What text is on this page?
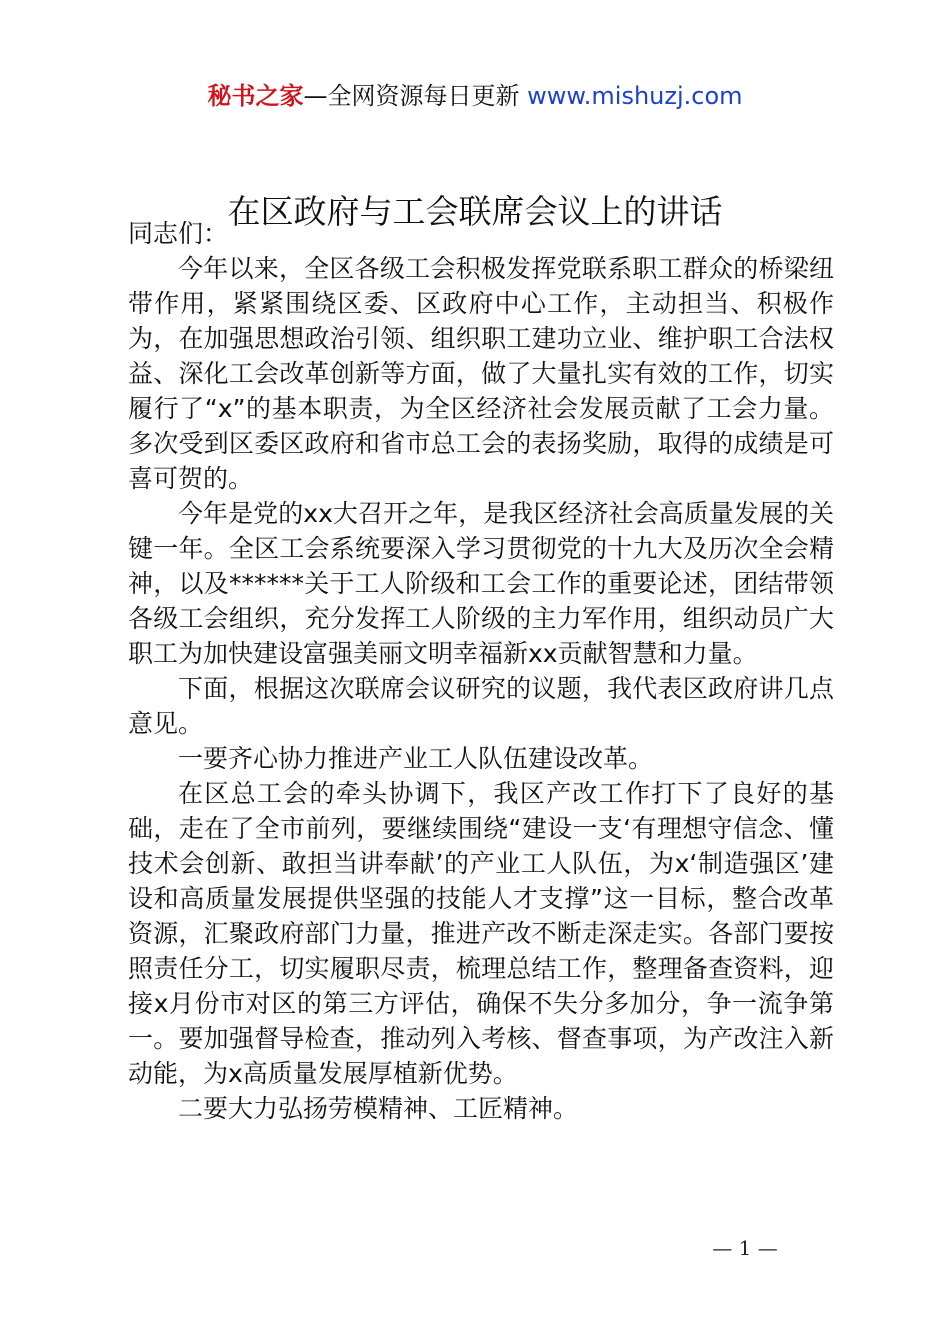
秘书之家—全网资源每日更新 www.mishuzj.com
在区政府与工会联席会议上的讲话

同志们：

今年以来，全区各级工会积极发挥党联系职工群众的桥梁纽带作用，紧紧围绕区委、区政府中心工作，主动担当、积极作为，在加强思想政治引领、组织职工建功立业、维护职工合法权益、深化工会改革创新等方面，做了大量扎实有效的工作，切实履行了“x”的基本职责，为全区经济社会发展贡献了工会力量。多次受到区委区政府和省市总工会的表扬奖励，取得的成绩是可喜可贺的。

今年是党的xx大召开之年，是我区经济社会高质量发展的关键一年。全区工会系统要深入学习贯彻党的十九大及历次全会精神，以及******关于工人阶级和工会工作的重要论述，团结带领各级工会组织，充分发挥工人阶级的主力军作用，组织动员广大职工为加快建设富强美丽文明幸福新xx贡献智慧和力量。

下面，根据这次联席会议研究的议题，我代表区政府讲几点意见。

一要齐心协力推进产业工人队伍建设改革。

在区总工会的牵头协调下，我区产改工作打下了良好的基础，走在了全市前列，要继续围绕“建设一支‘有理想守信念、懂技术会创新、敢担当讲奉献’的产业工人队伍，为x‘制造强区’建设和高质量发展提供坚强的技能人才支撑”这一目标，整合改革资源，汇聚政府部门力量，推进产改不断走深走实。各部门要按照责任分工，切实履职尽责，梳理总结工作，整理备查资料，迎接x月份市对区的第三方评估，确保不失分多加分，争一流争第一。要加强督导检查，推动列入考核、督查事项，为产改注入新动能，为x高质量发展厚植新优势。

二要大力弘扬劳模精神、工匠精神。

— 1 —
